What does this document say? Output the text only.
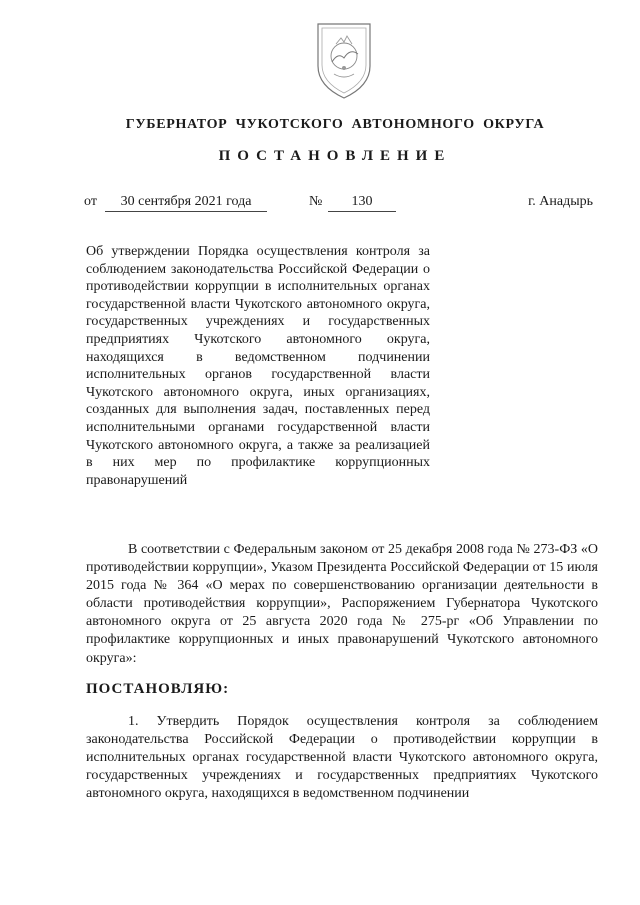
ГУБЕРНАТОР ЧУКОТСКОГО АВТОНОМНОГО ОКРУГА
ПОСТАНОВЛЕНИЕ
от	30 сентября 2021 года	№	130	г. Анадырь
Об утверждении Порядка осуществления контроля за соблюдением законодательства Российской Федерации о противодействии коррупции в исполнительных органах государственной власти Чукотского автономного округа, государственных учреждениях и государственных предприятиях Чукотского автономного округа, находящихся в ведомственном подчинении исполнительных органов государственной власти Чукотского автономного округа, иных организациях, созданных для выполнения задач, поставленных перед исполнительными органами государственной власти Чукотского автономного округа, а также за реализацией в них мер по профилактике коррупционных правонарушений
В соответствии с Федеральным законом от 25 декабря 2008 года № 273-ФЗ «О противодействии коррупции», Указом Президента Российской Федерации от 15 июля 2015 года № 364 «О мерах по совершенствованию организации деятельности в области противодействия коррупции», Распоряжением Губернатора Чукотского автономного округа от 25 августа 2020 года № 275-рг «Об Управлении по профилактике коррупционных и иных правонарушений Чукотского автономного округа»:
ПОСТАНОВЛЯЮ:
1. Утвердить Порядок осуществления контроля за соблюдением законодательства Российской Федерации о противодействии коррупции в исполнительных органах государственной власти Чукотского автономного округа, государственных учреждениях и государственных предприятиях Чукотского автономного округа, находящихся в ведомственном подчинении
